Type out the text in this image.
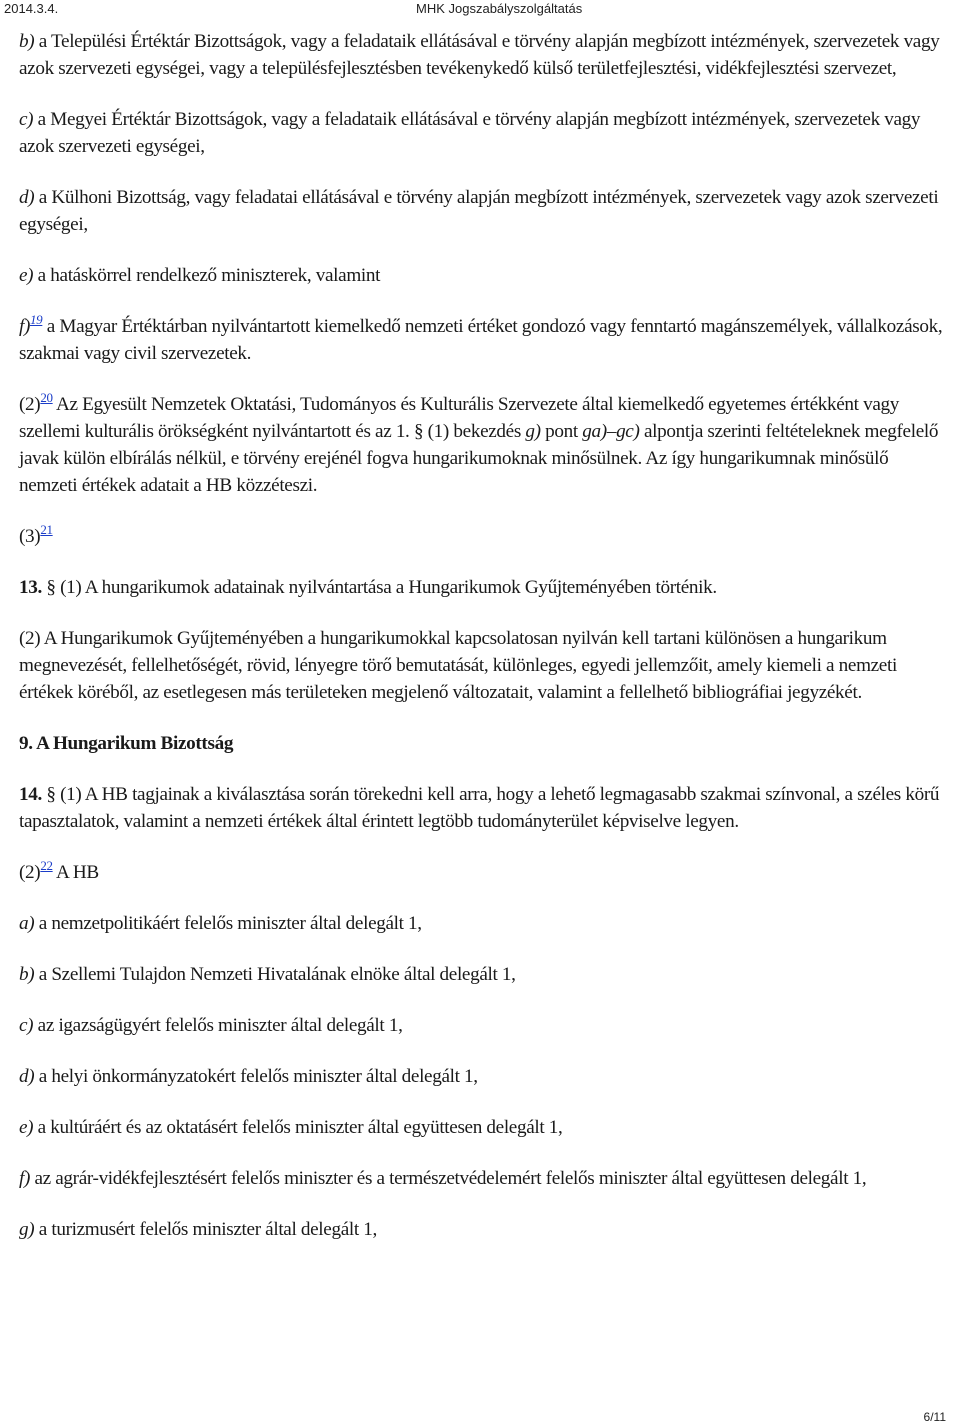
2014.3.4.	MHK Jogszabályszolgáltatás

b) a Települési Értéktár Bizottságok, vagy a feladataik ellátásával e törvény alapján megbízott intézmények, szervezetek vagy azok szervezeti egységei, vagy a településfejlesztésben tevékenykedő külső területfejlesztési, vidékfejlesztési szervezet,

c) a Megyei Értéktár Bizottságok, vagy a feladataik ellátásával e törvény alapján megbízott intézmények, szervezetek vagy azok szervezeti egységei,

d) a Külhoni Bizottság, vagy feladatai ellátásával e törvény alapján megbízott intézmények, szervezetek vagy azok szervezeti egységei,

e) a hatáskörrel rendelkező miniszterek, valamint

f)$^{19}$ a Magyar Értéktárban nyilvántartott kiemelkedő nemzeti értéket gondozó vagy fenntartó magánszemélyek, vállalkozások, szakmai vagy civil szervezetek.

(2)$^{20}$ Az Egyesült Nemzetek Oktatási, Tudományos és Kulturális Szervezete által kiemelkedő egyetemes értékként vagy szellemi kulturális örökségként nyilvántartott és az 1. § (1) bekezdés g) pont ga)–gc) alpontja szerinti feltételeknek megfelelő javak külön elbírálás nélkül, e törvény erejénél fogva hungarikumoknak minősülnek. Az így hungarikumnak minősülő nemzeti értékek adatait a HB közzéteszi.

(3)$^{21}$

13. § (1) A hungarikumok adatainak nyilvántartása a Hungarikumok Gyűjteményében történik.

(2) A Hungarikumok Gyűjteményében a hungarikumokkal kapcsolatosan nyilván kell tartani különösen a hungarikum megnevezését, fellelhetőségét, rövid, lényegre törő bemutatását, különleges, egyedi jellemzőit, amely kiemeli a nemzeti értékek köréből, az esetlegesen más területeken megjelenő változatait, valamint a fellelhető bibliográfiai jegyzékét.

9. A Hungarikum Bizottság

14. § (1) A HB tagjainak a kiválasztása során törekedni kell arra, hogy a lehető legmagasabb szakmai színvonal, a széles körű tapasztalatok, valamint a nemzeti értékek által érintett legtöbb tudományterület képviselve legyen.

(2)$^{22}$ A HB

a) a nemzetpolitikáért felelős miniszter által delegált 1,

b) a Szellemi Tulajdon Nemzeti Hivatalának elnöke által delegált 1,

c) az igazságügyért felelős miniszter által delegált 1,

d) a helyi önkormányzatokért felelős miniszter által delegált 1,

e) a kultúráért és az oktatásért felelős miniszter által együttesen delegált 1,

f) az agrár-vidékfejlesztésért felelős miniszter és a természetvédelemért felelős miniszter által együttesen delegált 1,

g) a turizmusért felelős miniszter által delegált 1,

6/11
